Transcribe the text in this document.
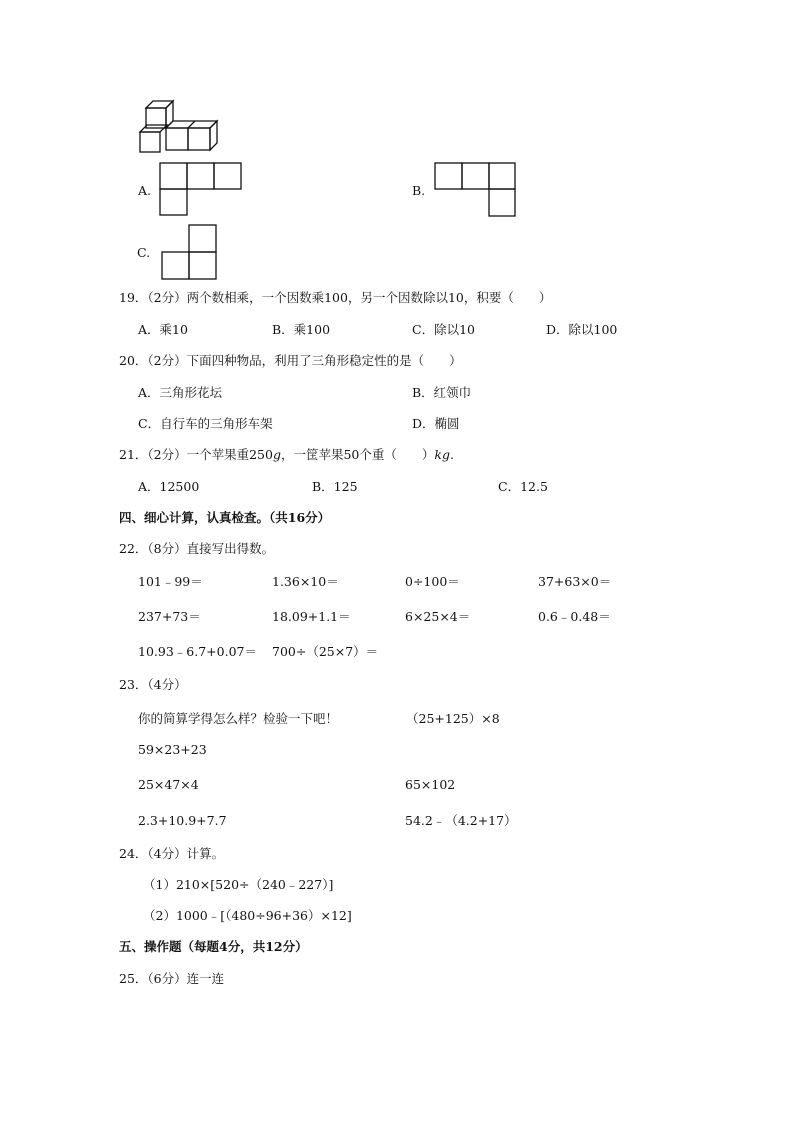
A.	B.
C.
19．（2分）两个数相乘，一个因数乘100，另一个因数除以10，积要（　　）
A．乘10	B．乘100	C．除以10	D．除以100
20．（2分）下面四种物品，利用了三角形稳定性的是（　　）
A．三角形花坛	B．红领巾
C．自行车的三角形车架	D．椭圆
21．（2分）一个苹果重250g，一筐苹果50个重（　　）kg.
A．12500	B．125	C．12.5
四、细心计算，认真检查。（共16分）
22．（8分）直接写出得数。
101﹣99＝	1.36×10＝	0÷100＝	37+63×0＝
237+73＝	18.09+1.1＝	6×25×4＝	0.6﹣0.48＝
10.93﹣6.7+0.07＝ 700÷（25×7）＝
23．（4分）
你的简算学得怎么样？检验一下吧！	（25+125）×8
59×23+23
25×47×4	65×102
2.3+10.9+7.7	54.2﹣（4.2+17）
24．（4分）计算。
（1）210×[520÷（240﹣227）]
（2）1000﹣[（480÷96+36）×12]
五、操作题（每题4分，共12分）
25．（6分）连一连
